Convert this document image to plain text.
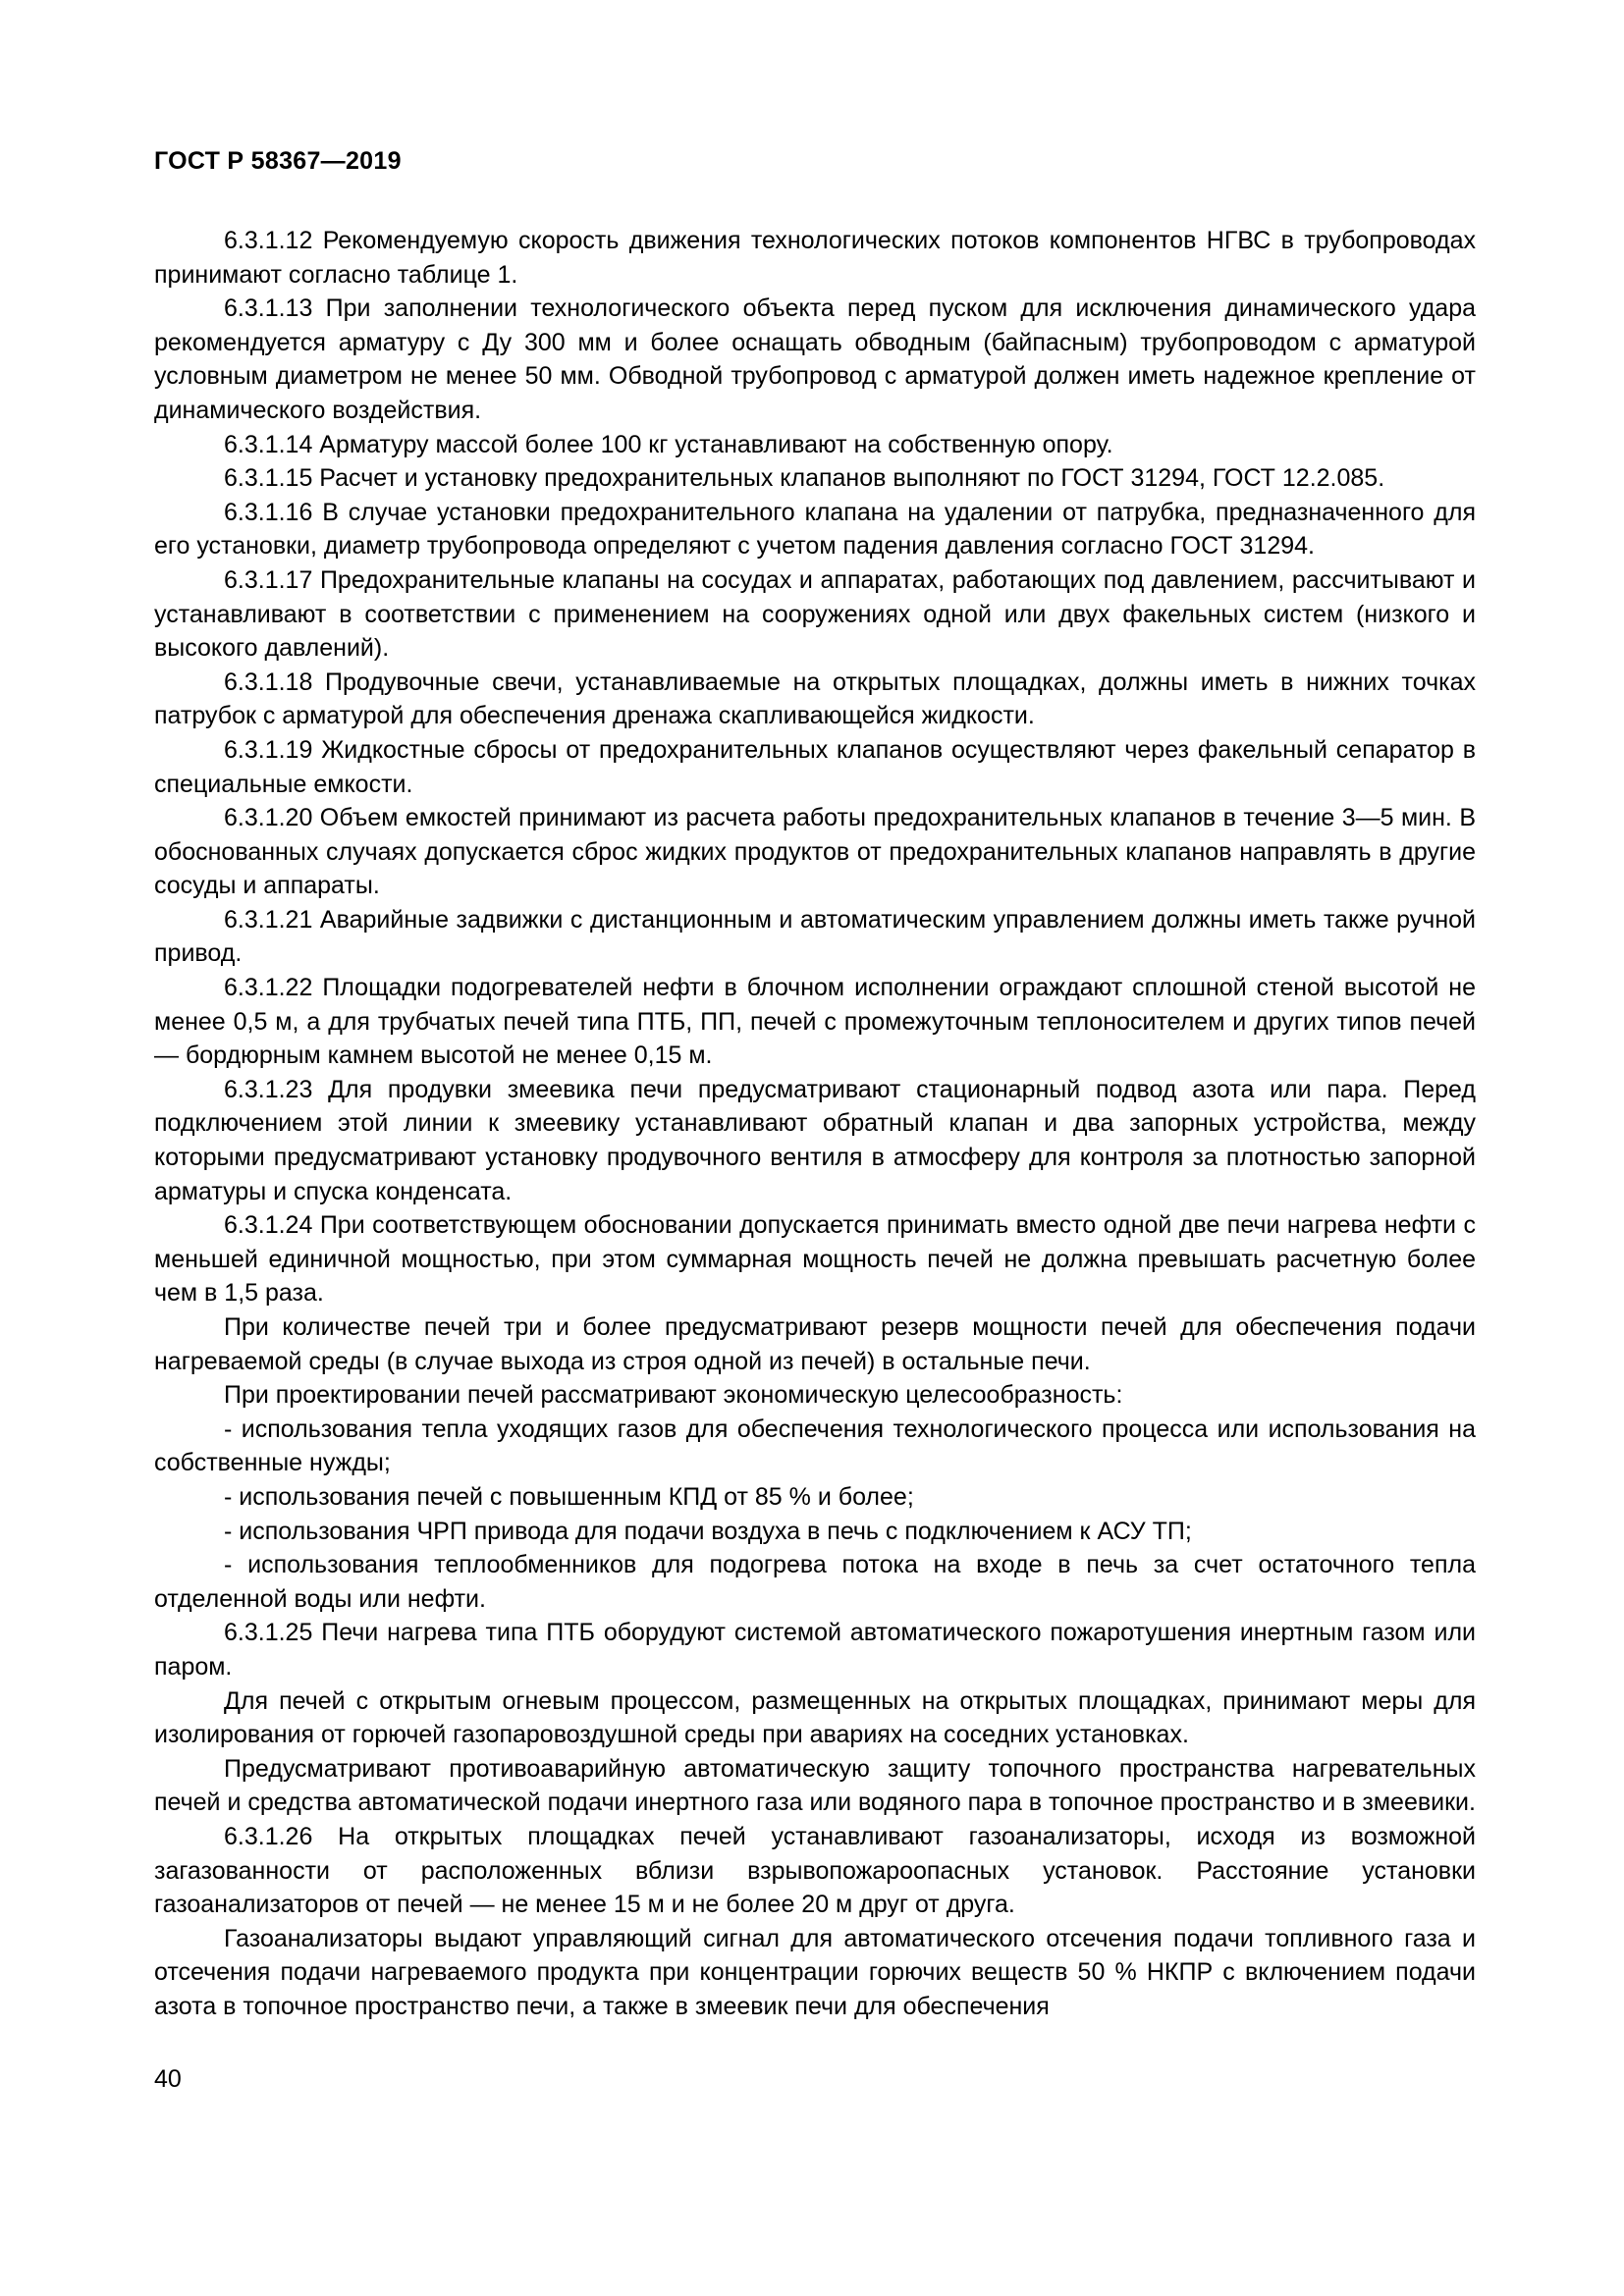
ГОСТ Р 58367—2019

6.3.1.12 Рекомендуемую скорость движения технологических потоков компонентов НГВС в трубопроводах принимают согласно таблице 1.

6.3.1.13 При заполнении технологического объекта перед пуском для исключения динамического удара рекомендуется арматуру с Ду 300 мм и более оснащать обводным (байпасным) трубопроводом с арматурой условным диаметром не менее 50 мм. Обводной трубопровод с арматурой должен иметь надежное крепление от динамического воздействия.

6.3.1.14 Арматуру массой более 100 кг устанавливают на собственную опору.

6.3.1.15 Расчет и установку предохранительных клапанов выполняют по ГОСТ 31294, ГОСТ 12.2.085.

6.3.1.16 В случае установки предохранительного клапана на удалении от патрубка, предназначенного для его установки, диаметр трубопровода определяют с учетом падения давления согласно ГОСТ 31294.

6.3.1.17 Предохранительные клапаны на сосудах и аппаратах, работающих под давлением, рассчитывают и устанавливают в соответствии с применением на сооружениях одной или двух факельных систем (низкого и высокого давлений).

6.3.1.18 Продувочные свечи, устанавливаемые на открытых площадках, должны иметь в нижних точках патрубок с арматурой для обеспечения дренажа скапливающейся жидкости.

6.3.1.19 Жидкостные сбросы от предохранительных клапанов осуществляют через факельный сепаратор в специальные емкости.

6.3.1.20 Объем емкостей принимают из расчета работы предохранительных клапанов в течение 3—5 мин. В обоснованных случаях допускается сброс жидких продуктов от предохранительных клапанов направлять в другие сосуды и аппараты.

6.3.1.21 Аварийные задвижки с дистанционным и автоматическим управлением должны иметь также ручной привод.

6.3.1.22 Площадки подогревателей нефти в блочном исполнении ограждают сплошной стеной высотой не менее 0,5 м, а для трубчатых печей типа ПТБ, ПП, печей с промежуточным теплоносителем и других типов печей — бордюрным камнем высотой не менее 0,15 м.

6.3.1.23 Для продувки змеевика печи предусматривают стационарный подвод азота или пара. Перед подключением этой линии к змеевику устанавливают обратный клапан и два запорных устройства, между которыми предусматривают установку продувочного вентиля в атмосферу для контроля за плотностью запорной арматуры и спуска конденсата.

6.3.1.24 При соответствующем обосновании допускается принимать вместо одной две печи нагрева нефти с меньшей единичной мощностью, при этом суммарная мощность печей не должна превышать расчетную более чем в 1,5 раза.

При количестве печей три и более предусматривают резерв мощности печей для обеспечения подачи нагреваемой среды (в случае выхода из строя одной из печей) в остальные печи.

При проектировании печей рассматривают экономическую целесообразность:

- использования тепла уходящих газов для обеспечения технологического процесса или использования на собственные нужды;

- использования печей с повышенным КПД от 85 % и более;

- использования ЧРП привода для подачи воздуха в печь с подключением к АСУ ТП;

- использования теплообменников для подогрева потока на входе в печь за счет остаточного тепла отделенной воды или нефти.

6.3.1.25 Печи нагрева типа ПТБ оборудуют системой автоматического пожаротушения инертным газом или паром.

Для печей с открытым огневым процессом, размещенных на открытых площадках, принимают меры для изолирования от горючей газопаровоздушной среды при авариях на соседних установках.

Предусматривают противоаварийную автоматическую защиту топочного пространства нагревательных печей и средства автоматической подачи инертного газа или водяного пара в топочное пространство и в змеевики.

6.3.1.26 На открытых площадках печей устанавливают газоанализаторы, исходя из возможной загазованности от расположенных вблизи взрывопожароопасных установок. Расстояние установки газоанализаторов от печей — не менее 15 м и не более 20 м друг от друга.

Газоанализаторы выдают управляющий сигнал для автоматического отсечения подачи топливного газа и отсечения подачи нагреваемого продукта при концентрации горючих веществ 50 % НКПР с включением подачи азота в топочное пространство печи, а также в змеевик печи для обеспечения

40
